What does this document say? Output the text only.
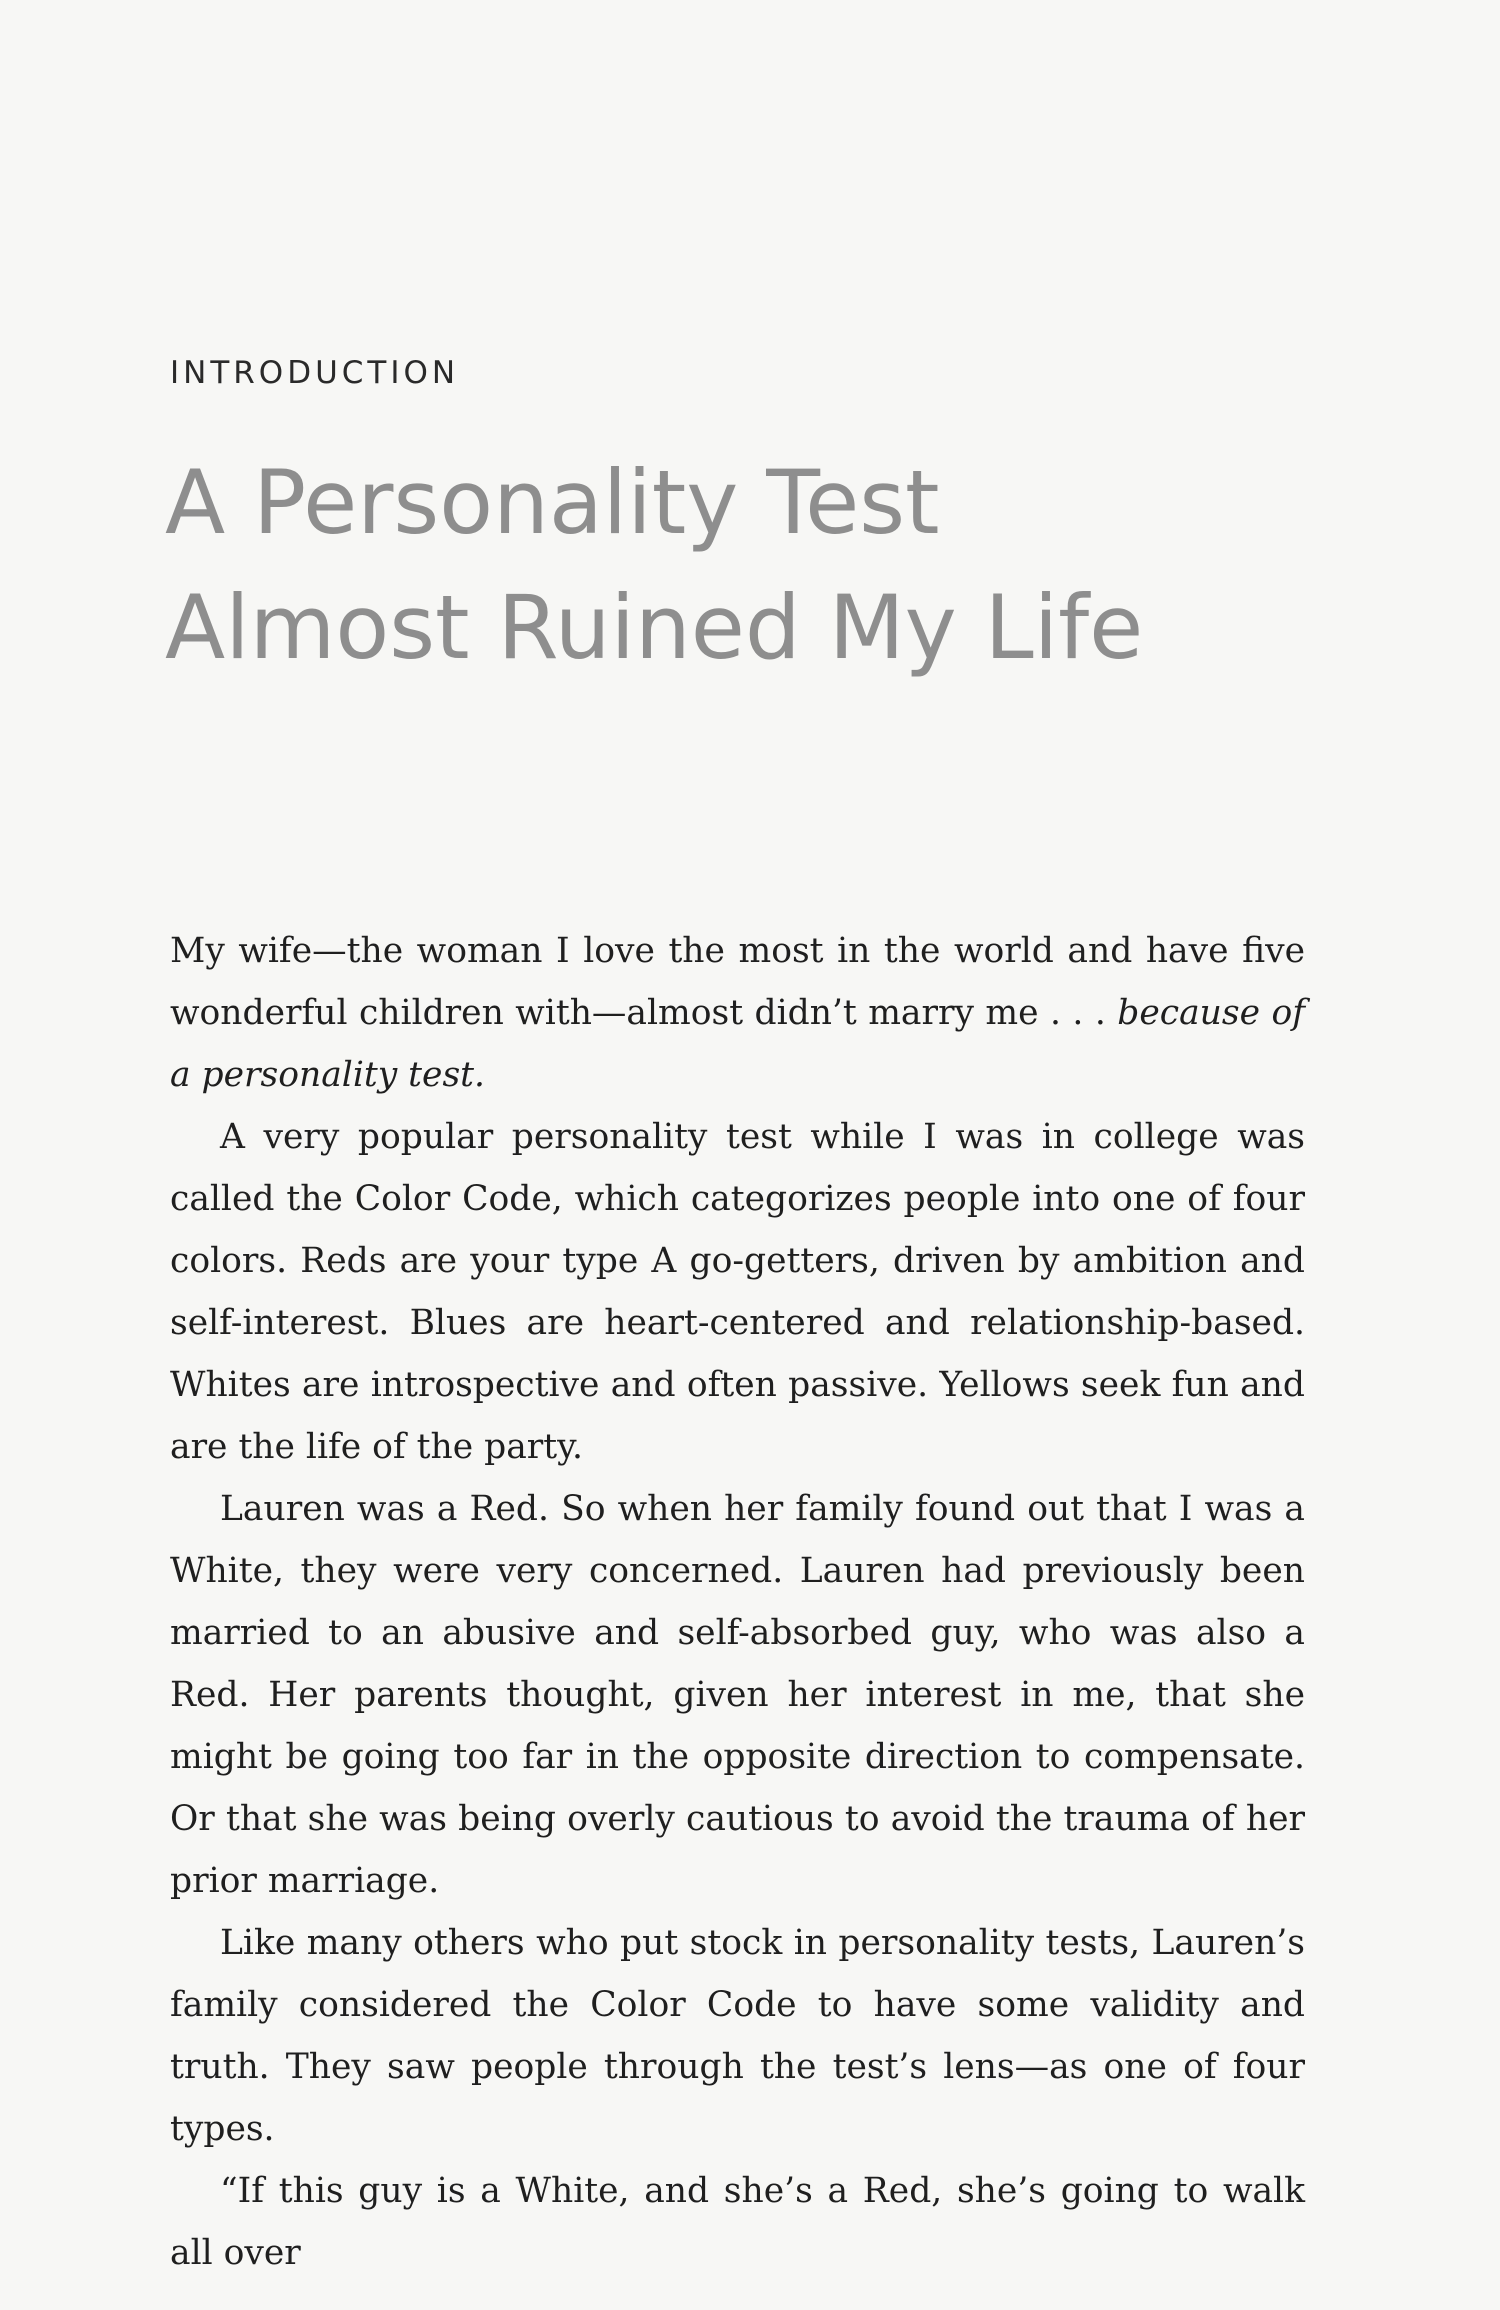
INTRODUCTION
A Personality Test
Almost Ruined My Life

My wife—the woman I love the most in the world and have five wonderful children with—almost didn’t marry me . . . because of a personality test.

A very popular personality test while I was in college was called the Color Code, which categorizes people into one of four colors. Reds are your type A go-getters, driven by ambition and self-interest. Blues are heart-centered and relationship-based. Whites are introspective and often passive. Yellows seek fun and are the life of the party.

Lauren was a Red. So when her family found out that I was a White, they were very concerned. Lauren had previously been married to an abusive and self-absorbed guy, who was also a Red. Her parents thought, given her interest in me, that she might be going too far in the opposite direction to compensate. Or that she was being overly cautious to avoid the trauma of her prior marriage.

Like many others who put stock in personality tests, Lauren’s family considered the Color Code to have some validity and truth. They saw people through the test’s lens—as one of four types.

“If this guy is a White, and she’s a Red, she’s going to walk all over
